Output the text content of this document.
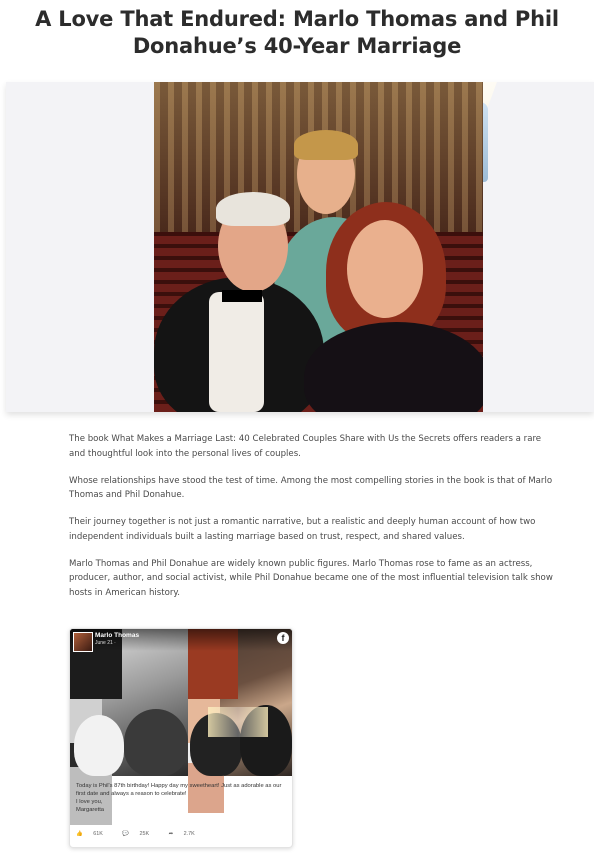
A Love That Endured: Marlo Thomas and Phil
Donahue’s 40-Year Marriage

The book What Makes a Marriage Last: 40 Celebrated Couples Share with Us the Secrets offers readers a rare and thoughtful look into the personal lives of couples.

Whose relationships have stood the test of time. Among the most compelling stories in the book is that of Marlo Thomas and Phil Donahue.

Their journey together is not just a romantic narrative, but a realistic and deeply human account of how two independent individuals built a lasting marriage based on trust, respect, and shared values.

Marlo Thomas and Phil Donahue are widely known public figures. Marlo Thomas rose to fame as an actress, producer, author, and social activist, while Phil Donahue became one of the most influential television talk show hosts in American history.

Marlo Thomas
June 21 ·	f
Today is Phil's 87th birthday! Happy day my sweetheart! Just as adorable as our first date and always a reason to celebrate!
I love you,
Margaretta
👍 61K	💬 25K	➦ 2.7K
